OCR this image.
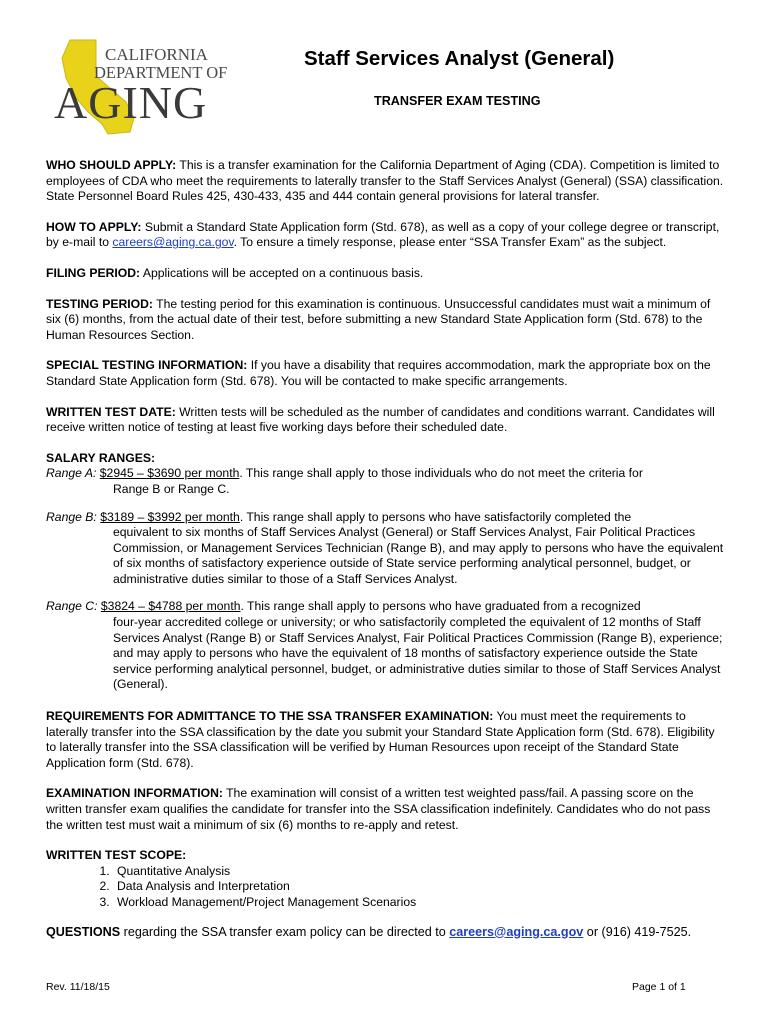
CALIFORNIA
DEPARTMENT OF
AGING
Staff Services Analyst (General)
TRANSFER EXAM TESTING

WHO SHOULD APPLY: This is a transfer examination for the California Department of Aging (CDA). Competition is limited to employees of CDA who meet the requirements to laterally transfer to the Staff Services Analyst (General) (SSA) classification. State Personnel Board Rules 425, 430-433, 435 and 444 contain general provisions for lateral transfer.

HOW TO APPLY: Submit a Standard State Application form (Std. 678), as well as a copy of your college degree or transcript, by e-mail to careers@aging.ca.gov. To ensure a timely response, please enter “SSA Transfer Exam” as the subject.

FILING PERIOD: Applications will be accepted on a continuous basis.

TESTING PERIOD: The testing period for this examination is continuous. Unsuccessful candidates must wait a minimum of six (6) months, from the actual date of their test, before submitting a new Standard State Application form (Std. 678) to the Human Resources Section.

SPECIAL TESTING INFORMATION: If you have a disability that requires accommodation, mark the appropriate box on the Standard State Application form (Std. 678). You will be contacted to make specific arrangements.

WRITTEN TEST DATE: Written tests will be scheduled as the number of candidates and conditions warrant. Candidates will receive written notice of testing at least five working days before their scheduled date.

SALARY RANGES:
Range A: $2945 – $3690 per month. This range shall apply to those individuals who do not meet the criteria for
Range B or Range C.
Range B: $3189 – $3992 per month. This range shall apply to persons who have satisfactorily completed the
equivalent to six months of Staff Services Analyst (General) or Staff Services Analyst, Fair Political Practices Commission, or Management Services Technician (Range B), and may apply to persons who have the equivalent of six months of satisfactory experience outside of State service performing analytical personnel, budget, or administrative duties similar to those of a Staff Services Analyst.
Range C: $3824 – $4788 per month. This range shall apply to persons who have graduated from a recognized
four-year accredited college or university; or who satisfactorily completed the equivalent of 12 months of Staff Services Analyst (Range B) or Staff Services Analyst, Fair Political Practices Commission (Range B), experience; and may apply to persons who have the equivalent of 18 months of satisfactory experience outside the State service performing analytical personnel, budget, or administrative duties similar to those of Staff Services Analyst (General).

REQUIREMENTS FOR ADMITTANCE TO THE SSA TRANSFER EXAMINATION: You must meet the requirements to laterally transfer into the SSA classification by the date you submit your Standard State Application form (Std. 678). Eligibility to laterally transfer into the SSA classification will be verified by Human Resources upon receipt of the Standard State Application form (Std. 678).

EXAMINATION INFORMATION: The examination will consist of a written test weighted pass/fail. A passing score on the written transfer exam qualifies the candidate for transfer into the SSA classification indefinitely. Candidates who do not pass the written test must wait a minimum of six (6) months to re-apply and retest.

WRITTEN TEST SCOPE:
1. Quantitative Analysis
2. Data Analysis and Interpretation
3. Workload Management/Project Management Scenarios

QUESTIONS regarding the SSA transfer exam policy can be directed to careers@aging.ca.gov or (916) 419-7525.

Rev. 11/18/15	Page 1 of 1
